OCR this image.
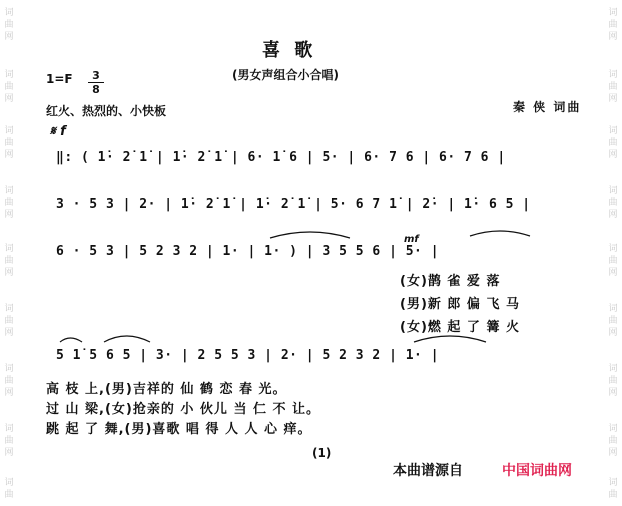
词
曲
网
词
曲
网
词
曲
网
词
曲
网
词
曲
网
词
曲
网
词
曲
网
词
曲
网
词
曲
词
曲
网
词
曲
网
词
曲
网
词
曲
网
词
曲
网
词
曲
网
词
曲
网
词
曲
网
词
曲
喜 歌
(男女声组合小合唱)
1=F	3
8
红火、热烈的、小快板	秦 侠 词曲
𝄋 f
‖: ( 1̇· 2̇ 1̇ | 1̇· 2̇ 1̇ | 6· 1̇ 6 | 5· | 6· 7 6 | 6· 7 6 |
3 · 5 3 | 2· | 1̇· 2̇ 1̇ | 1̇· 2̇ 1̇ | 5· 6 7 1̇ | 2̇· | 1̇· 6 5 |
6 · 5 3 | 5 2 3 2 | 1· | 1· ) | 3 5 5 6 | 5· |
5 1̇ 5 6 5 | 3· | 2 5 5 3 | 2· | 5 2 3 2 | 1· |
mf
(女)鹊 雀 爱 落
(男)新 郎 偏 飞 马
(女)燃 起 了 篝 火
高 枝 上,(男)吉祥的 仙 鹤 恋 春 光。
过 山 梁,(女)抢亲的 小 伙儿 当 仁 不 让。
跳 起 了 舞,(男)喜歌 唱 得 人 人 心 痒。
(1)
本曲谱源自	中国词曲网
